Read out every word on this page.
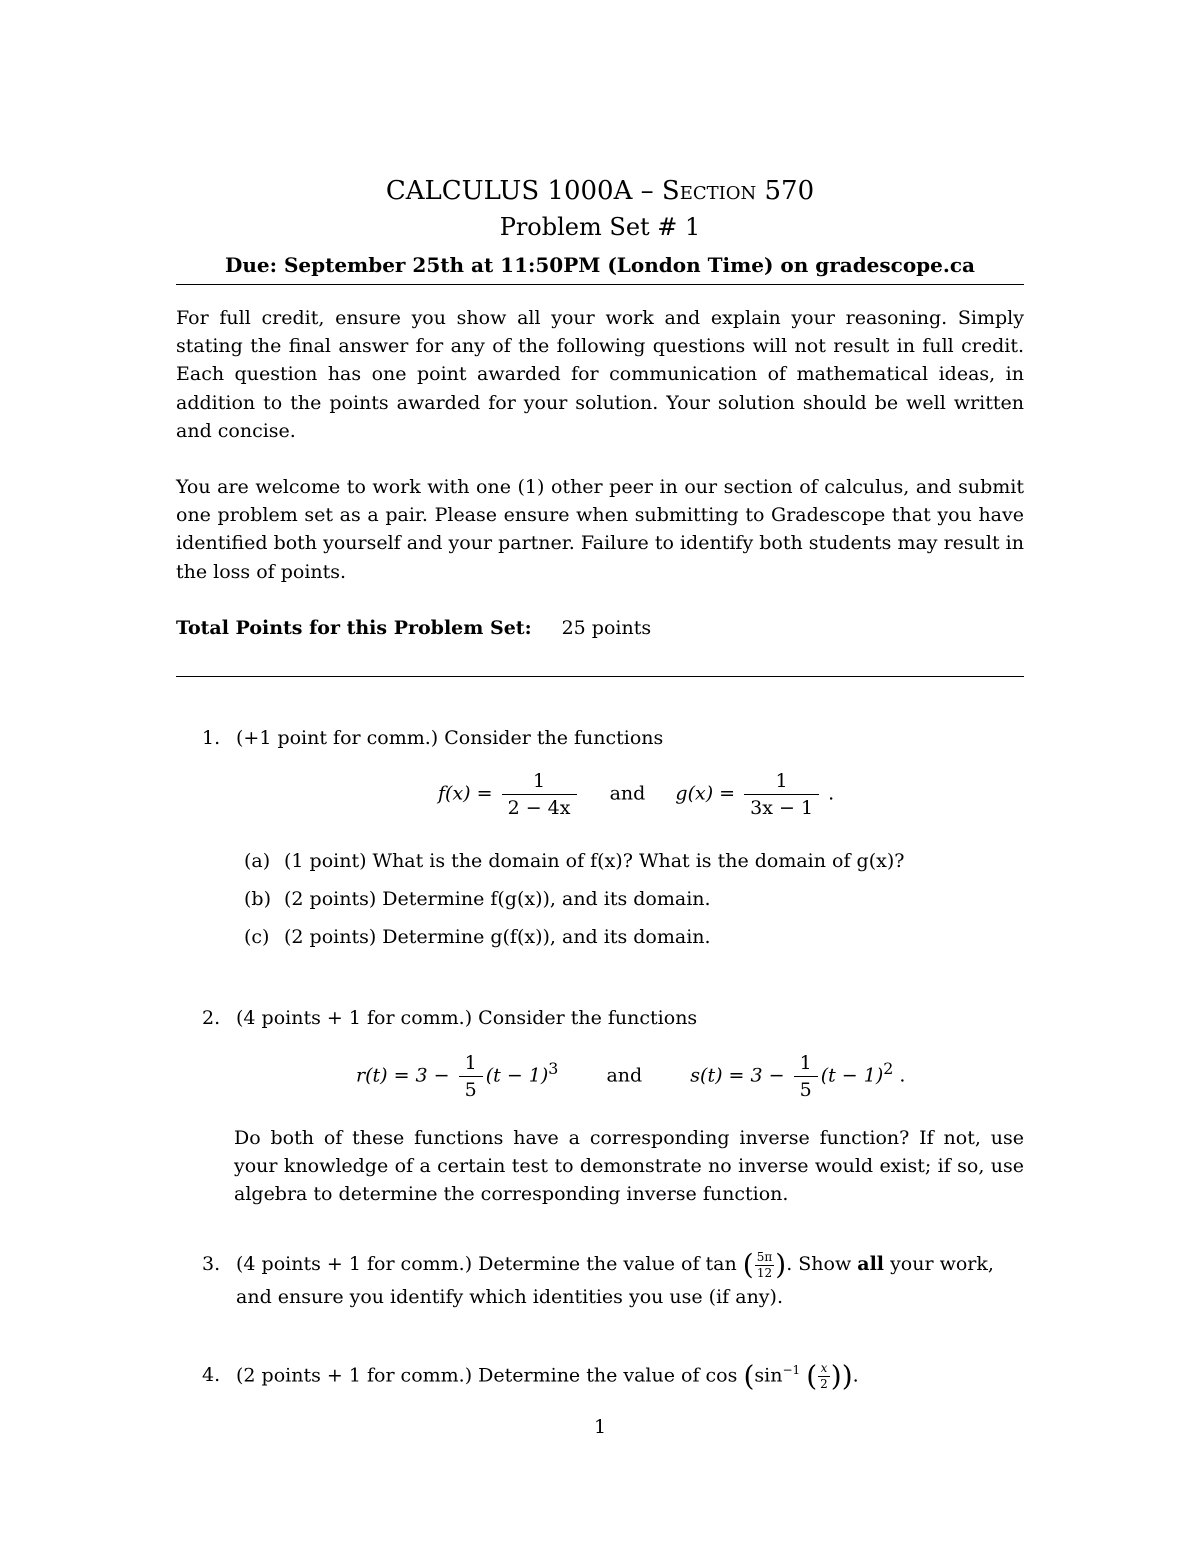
CALCULUS 1000A – Section 570
Problem Set # 1
Due: September 25th at 11:50PM (London Time) on gradescope.ca

For full credit, ensure you show all your work and explain your reasoning. Simply stating the final answer for any of the following questions will not result in full credit. Each question has one point awarded for communication of mathematical ideas, in addition to the points awarded for your solution. Your solution should be well written and concise.

You are welcome to work with one (1) other peer in our section of calculus, and submit one problem set as a pair. Please ensure when submitting to Gradescope that you have identified both yourself and your partner. Failure to identify both students may result in the loss of points.

Total Points for this Problem Set: 25 points
1. (+1 point for comm.) Consider the functions
$f(x) = \frac{1}{2 - 4x}$ and $g(x) = \frac{1}{3x - 1}$ .
(a) (1 point) What is the domain of f(x)? What is the domain of g(x)?
(b) (2 points) Determine f(g(x)), and its domain.
(c) (2 points) Determine g(f(x)), and its domain.
2. (4 points + 1 for comm.) Consider the functions
$r(t) = 3 - \frac{1}{5} (t - 1)^3$	and	$s(t) = 3 - \frac{1}{5} (t - 1)^2$ .
Do both of these functions have a corresponding inverse function? If not, use your knowledge of a certain test to demonstrate no inverse would exist; if so, use algebra to determine the corresponding inverse function.
3. (4 points + 1 for comm.) Determine the value of tan ( $\frac{5\pi}{12}$ ). Show all your work,
and ensure you identify which identities you use (if any).
4. (2 points + 1 for comm.) Determine the value of $\cos (\sin^{-1}$ ( $\frac{x}{2}$ )).
1
